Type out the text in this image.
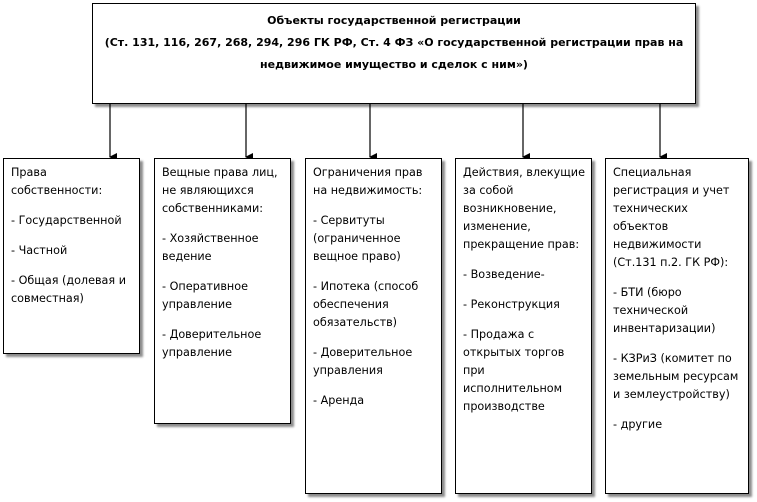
Объекты государственной регистрации
(Ст. 131, 116, 267, 268, 294, 296 ГК РФ, Ст. 4 ФЗ «О государственной регистрации прав на недвижимое имущество и сделок с ним»)

Права собственности:

- Государственной

- Частной

- Общая (долевая и совместная)

Вещные права лиц, не являющихся собственниками:

- Хозяйственное ведение

- Оперативное управление

- Доверительное управление

Ограничения прав на недвижимость:

- Сервитуты (ограниченное вещное право)

- Ипотека (способ обеспечения обязательств)

- Доверительное управления

- Аренда

Действия, влекущие за собой возникновение, изменение, прекращение прав:

- Возведение-

- Реконструкция

- Продажа с открытых торгов при исполнительном производстве

Специальная регистрация и учет технических объектов недвижимости (Ст.131 п.2. ГК РФ):

- БТИ (бюро технической инвентаризации)

- КЗРиЗ (комитет по земельным ресурсам и землеустройству)

- другие
